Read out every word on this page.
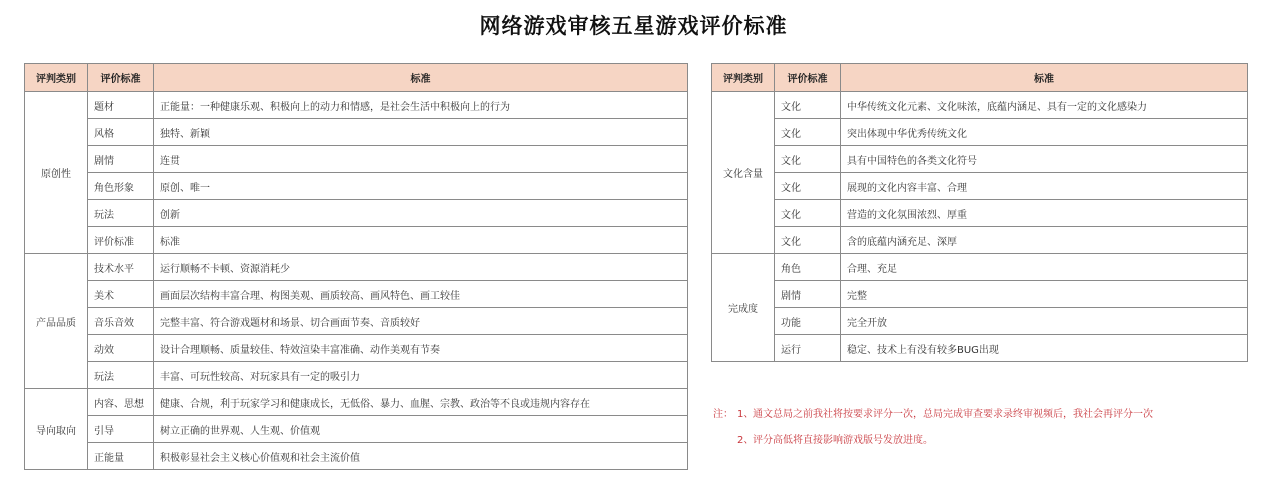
网络游戏审核五星游戏评价标准
评判类别	评价标准	标准
原创性	题材	正能量：一种健康乐观、积极向上的动力和情感，是社会生活中积极向上的行为
	风格	独特、新颖
	剧情	连贯
	角色形象	原创、唯一
	玩法	创新
	评价标准	标准
产品品质	技术水平	运行顺畅不卡顿、资源消耗少
	美术	画面层次结构丰富合理、构图美观、画质较高、画风特色、画工较佳
	音乐音效	完整丰富、符合游戏题材和场景、切合画面节奏、音质较好
	动效	设计合理顺畅、质量较佳、特效渲染丰富准确、动作美观有节奏
	玩法	丰富、可玩性较高、对玩家具有一定的吸引力
导向取向	内容、思想	健康、合规，利于玩家学习和健康成长，无低俗、暴力、血腥、宗教、政治等不良或违规内容存在
	引导	树立正确的世界观、人生观、价值观
	正能量	积极彰显社会主义核心价值观和社会主流价值
评判类别	评价标准	标准
文化含量	文化	中华传统文化元素、文化味浓，底蕴内涵足、具有一定的文化感染力
	文化	突出体现中华优秀传统文化
	文化	具有中国特色的各类文化符号
	文化	展现的文化内容丰富、合理
	文化	营造的文化氛围浓烈、厚重
	文化	含的底蕴内涵充足、深厚
完成度	角色	合理、充足
	剧情	完整
	功能	完全开放
	运行	稳定、技术上有没有较多BUG出现
注： 1、通文总局之前我社将按要求评分一次，总局完成审查要求录终审视频后，我社会再评分一次
2、评分高低将直接影响游戏版号发放进度。
